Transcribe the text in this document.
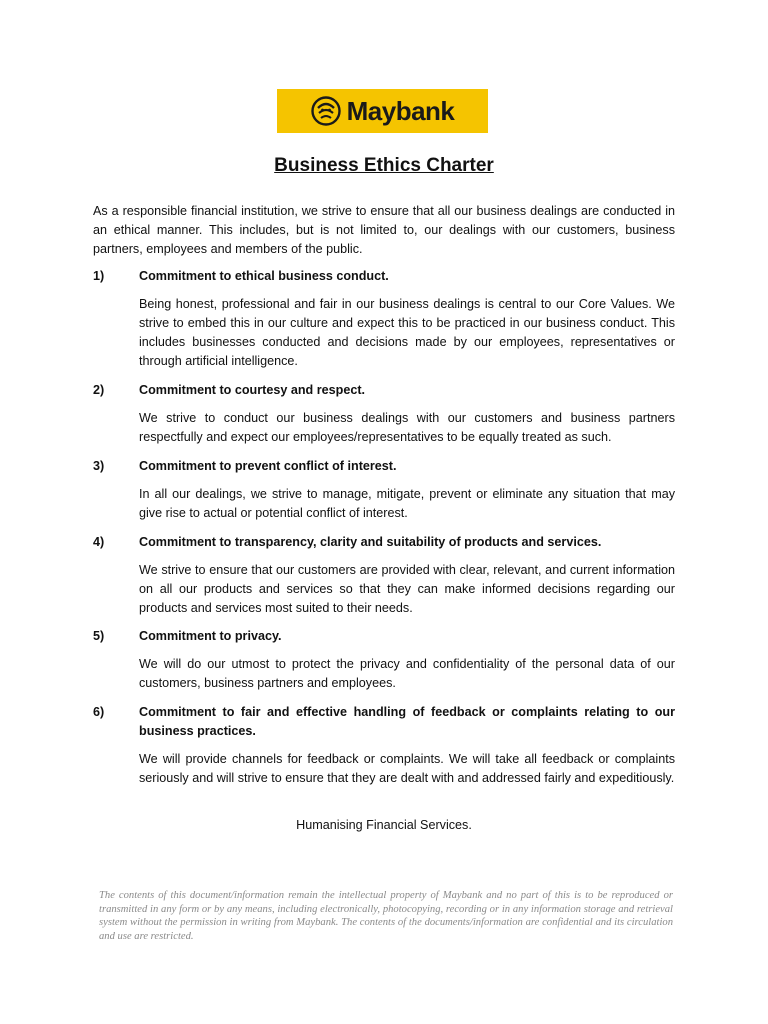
Maybank
Business Ethics Charter
As a responsible financial institution, we strive to ensure that all our business dealings are conducted in an ethical manner. This includes, but is not limited to, our dealings with our customers, business partners, employees and members of the public.
1)	Commitment to ethical business conduct.
Being honest, professional and fair in our business dealings is central to our Core Values. We strive to embed this in our culture and expect this to be practiced in our business conduct. This includes businesses conducted and decisions made by our employees, representatives or through artificial intelligence.
2)	Commitment to courtesy and respect.
We strive to conduct our business dealings with our customers and business partners respectfully and expect our employees/representatives to be equally treated as such.
3)	Commitment to prevent conflict of interest.
In all our dealings, we strive to manage, mitigate, prevent or eliminate any situation that may give rise to actual or potential conflict of interest.
4)	Commitment to transparency, clarity and suitability of products and services.
We strive to ensure that our customers are provided with clear, relevant, and current information on all our products and services so that they can make informed decisions regarding our products and services most suited to their needs.
5)	Commitment to privacy.
We will do our utmost to protect the privacy and confidentiality of the personal data of our customers, business partners and employees.
6)	Commitment to fair and effective handling of feedback or complaints relating to our business practices.
We will provide channels for feedback or complaints. We will take all feedback or complaints seriously and will strive to ensure that they are dealt with and addressed fairly and expeditiously.
Humanising Financial Services.
The contents of this document/information remain the intellectual property of Maybank and no part of this is to be reproduced or transmitted in any form or by any means, including electronically, photocopying, recording or in any information storage and retrieval system without the permission in writing from Maybank. The contents of the documents/information are confidential and its circulation and use are restricted.
